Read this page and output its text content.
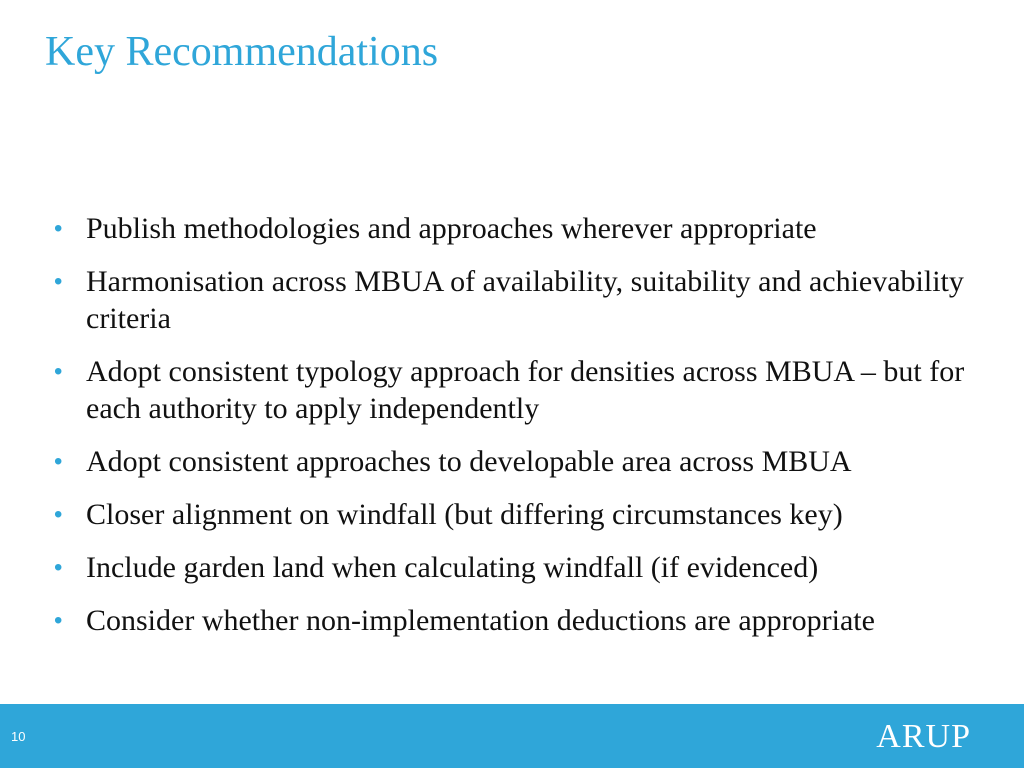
Key Recommendations
• Publish methodologies and approaches wherever appropriate
• Harmonisation across MBUA of availability, suitability and achievability criteria
• Adopt consistent typology approach for densities across MBUA – but for each authority to apply independently
• Adopt consistent approaches to developable area across MBUA
• Closer alignment on windfall (but differing circumstances key)
• Include garden land when calculating windfall (if evidenced)
• Consider whether non-implementation deductions are appropriate
10	ARUP
